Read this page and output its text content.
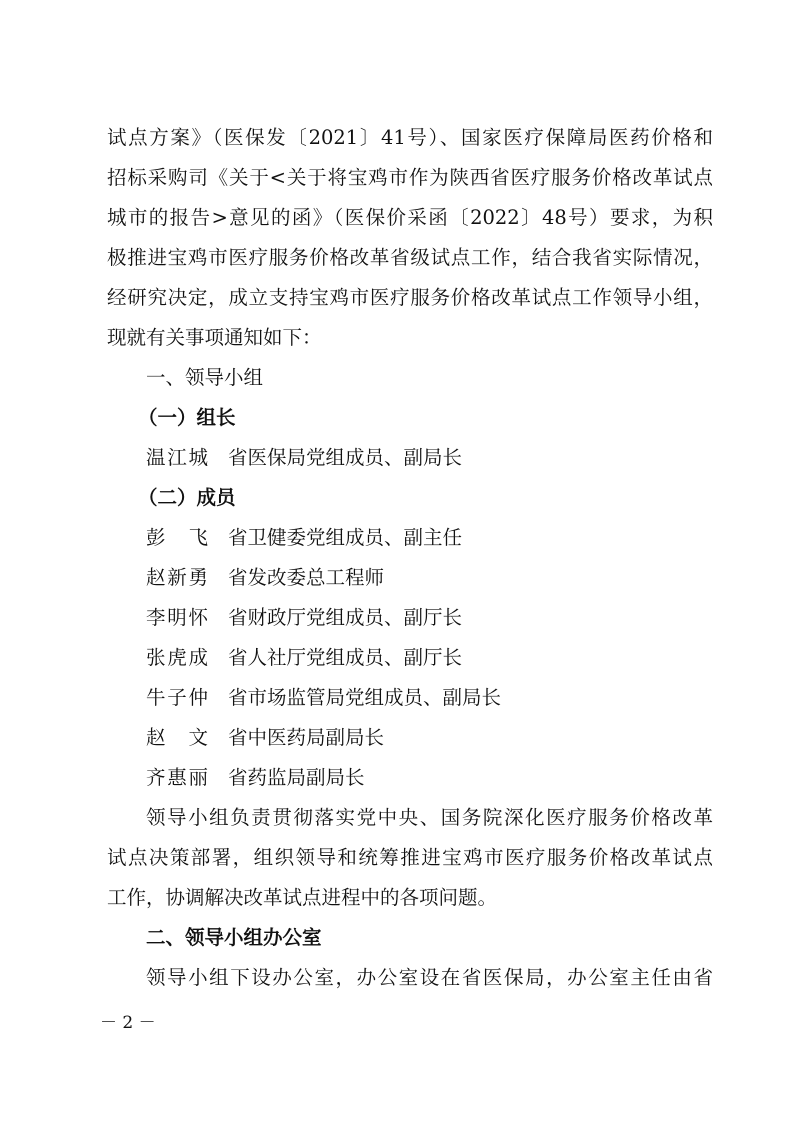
试点方案》（医保发〔2021〕41号）、国家医疗保障局医药价格和
招标采购司《关于<关于将宝鸡市作为陕西省医疗服务价格改革试点
城市的报告>意见的函》（医保价采函〔2022〕48号）要求，为积
极推进宝鸡市医疗服务价格改革省级试点工作，结合我省实际情况，
经研究决定，成立支持宝鸡市医疗服务价格改革试点工作领导小组，
现就有关事项通知如下：
一、领导小组
（一）组长
温江城 省医保局党组成员、副局长
（二）成员
彭飞 省卫健委党组成员、副主任
赵新勇 省发改委总工程师
李明怀 省财政厅党组成员、副厅长
张虎成 省人社厅党组成员、副厅长
牛子仲 省市场监管局党组成员、副局长
赵文 省中医药局副局长
齐惠丽 省药监局副局长
领导小组负责贯彻落实党中央、国务院深化医疗服务价格改革
试点决策部署，组织领导和统筹推进宝鸡市医疗服务价格改革试点
工作，协调解决改革试点进程中的各项问题。
二、领导小组办公室
领导小组下设办公室，办公室设在省医保局，办公室主任由省
－ 2 －
